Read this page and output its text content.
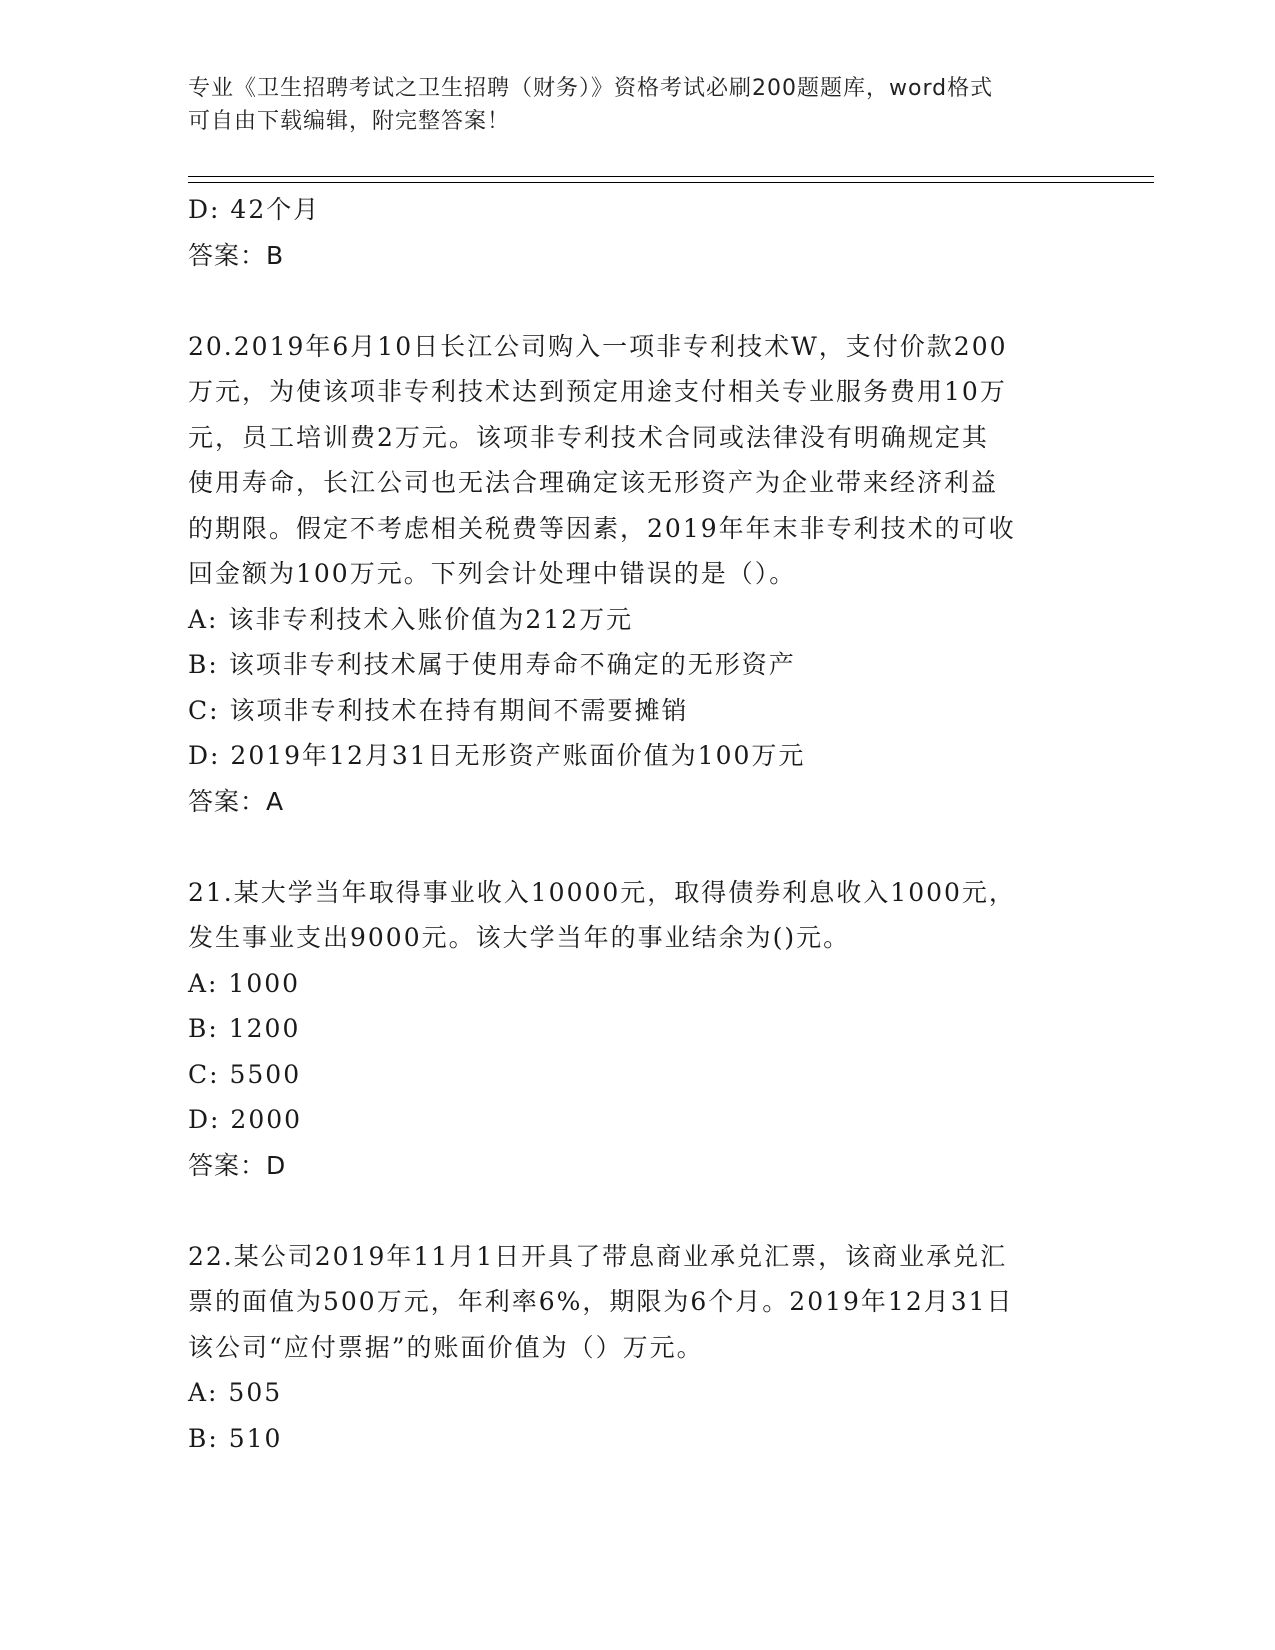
专业《卫生招聘考试之卫生招聘（财务）》资格考试必刷200题题库，word格式
可自由下载编辑，附完整答案！
D: 42个月
答案：B
20.2019年6月10日长江公司购入一项非专利技术W，支付价款200
万元，为使该项非专利技术达到预定用途支付相关专业服务费用10万
元，员工培训费2万元。该项非专利技术合同或法律没有明确规定其
使用寿命，长江公司也无法合理确定该无形资产为企业带来经济利益
的期限。假定不考虑相关税费等因素，2019年年末非专利技术的可收
回金额为100万元。下列会计处理中错误的是（）。
A: 该非专利技术入账价值为212万元
B: 该项非专利技术属于使用寿命不确定的无形资产
C: 该项非专利技术在持有期间不需要摊销
D: 2019年12月31日无形资产账面价值为100万元
答案：A
21.某大学当年取得事业收入10000元，取得债券利息收入1000元，
发生事业支出9000元。该大学当年的事业结余为()元。
A: 1000
B: 1200
C: 5500
D: 2000
答案：D
22.某公司2019年11月1日开具了带息商业承兑汇票，该商业承兑汇
票的面值为500万元，年利率6%，期限为6个月。2019年12月31日
该公司“应付票据”的账面价值为（）万元。
A: 505
B: 510
